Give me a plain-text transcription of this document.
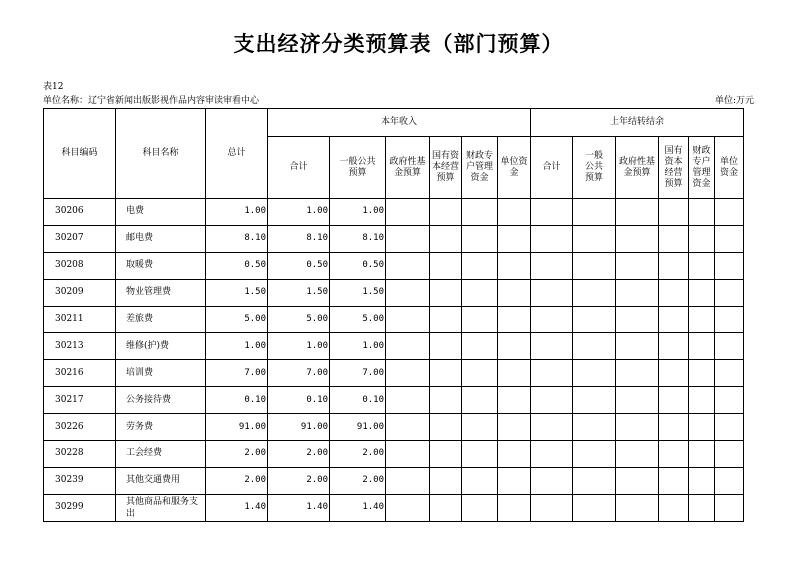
支出经济分类预算表（部门预算）
表12
单位名称：辽宁省新闻出版影视作品内容审读审看中心	单位:万元
科目编码	科目名称	总计	本年收入						上年结转结余					
			合计	一般公共预算	政府性基金预算	国有资本经营预算	财政专户管理资金	单位资金	合计	一般公共预算	政府性基金预算	国有资本经营预算	财政专户管理资金	单位资金
30206	电费	1.00	1.00	1.00										
30207	邮电费	8.10	8.10	8.10										
30208	取暖费	0.50	0.50	0.50										
30209	物业管理费	1.50	1.50	1.50										
30211	差旅费	5.00	5.00	5.00										
30213	维修(护)费	1.00	1.00	1.00										
30216	培训费	7.00	7.00	7.00										
30217	公务接待费	0.10	0.10	0.10										
30226	劳务费	91.00	91.00	91.00										
30228	工会经费	2.00	2.00	2.00										
30239	其他交通费用	2.00	2.00	2.00										
30299	其他商品和服务支出	1.40	1.40	1.40										
